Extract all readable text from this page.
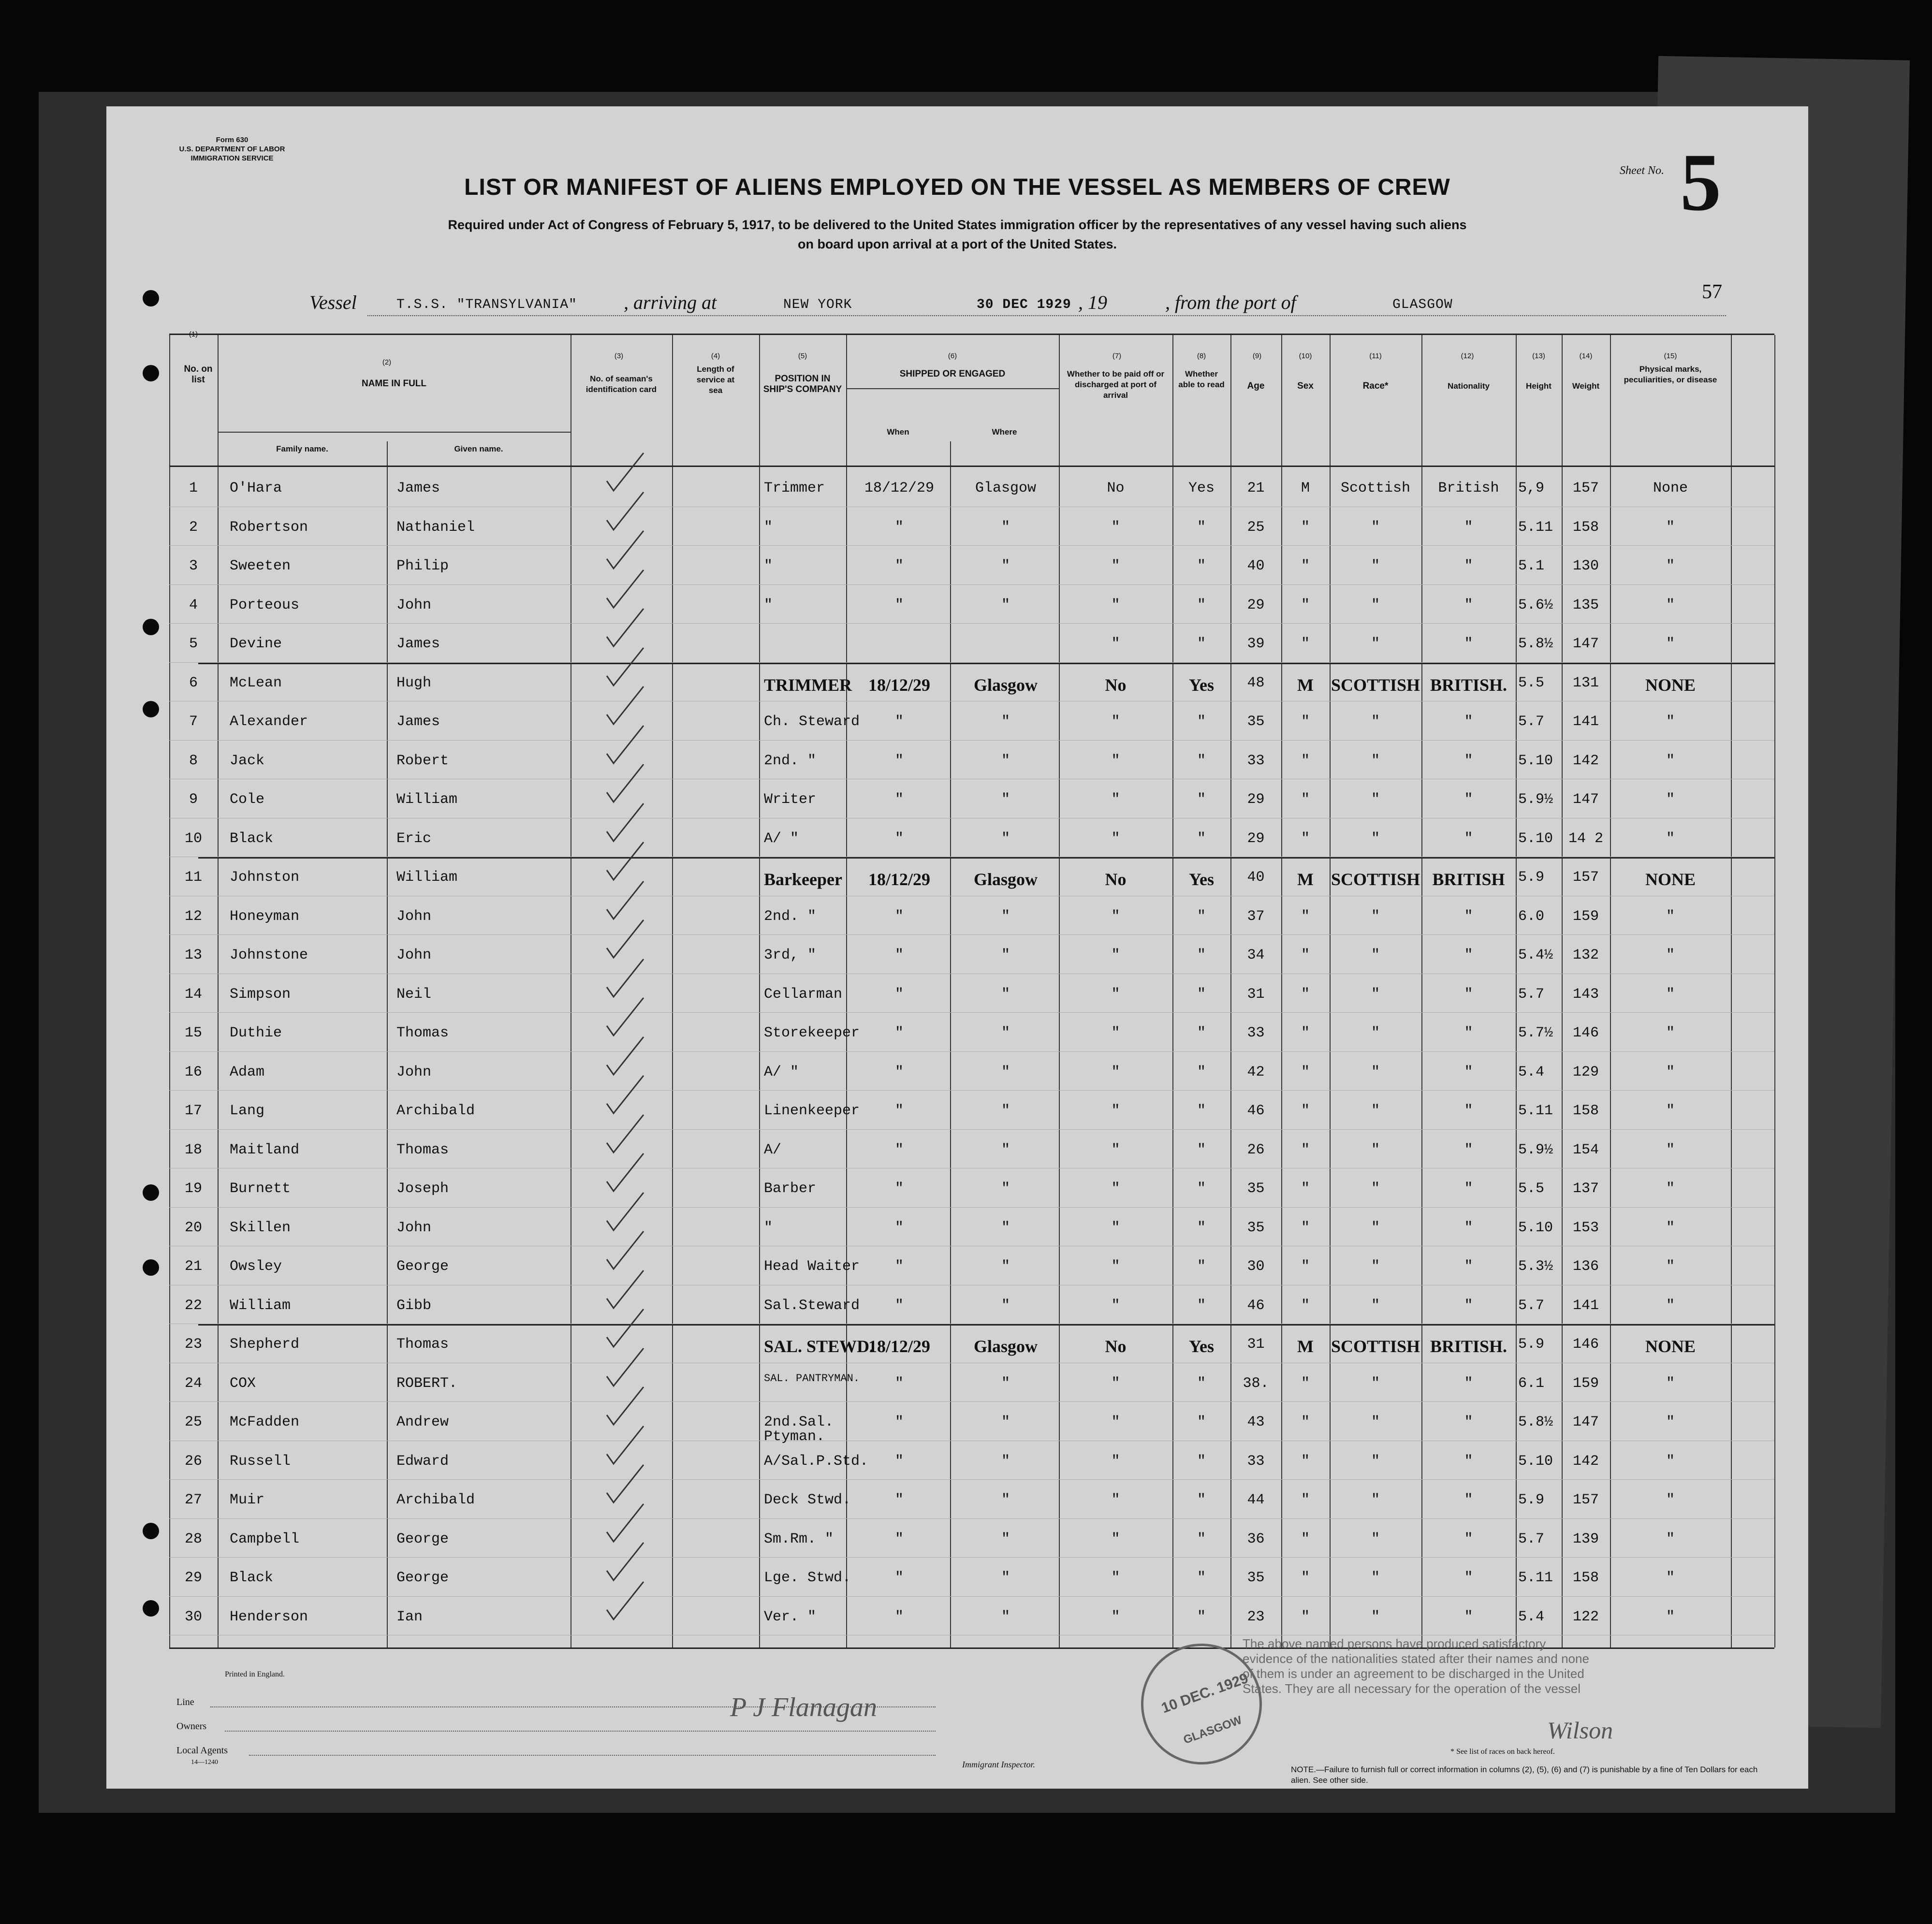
Form 630
U.S. DEPARTMENT OF LABOR
IMMIGRATION SERVICE
LIST OR MANIFEST OF ALIENS EMPLOYED ON THE VESSEL AS MEMBERS OF CREW
Required under Act of Congress of February 5, 1917, to be delivered to the United States immigration officer by the representatives of any vessel having such aliens
on board upon arrival at a port of the United States.
Sheet No. 5
57
Vessel	T.S.S. "TRANSYLVANIA" , arriving at	NEW YORK	30 DEC 1929 , 19	, from the port of	GLASGOW
(1)
(2)
(3)	(4)	(5)	(6)	(7)	(8)	(9)	(10)	(11)	(12)	(13)	(14)	(15)
No. on list	NAME IN FULL
Family name.	Given name.
No. of seaman's identification card
Length of service at sea
POSITION IN SHIP'S COMPANY
SHIPPED OR ENGAGED
When	Where
Whether to be paid off or discharged at port of arrival
Whether able to read	Age	Sex	Race*	Nationality	Height	Weight
Physical marks, peculiarities, or disease
1	O'Hara	James	Trimmer	18/12/29	Glasgow	No	Yes	21	M	Scottish	British	5,9	157	None
2	Robertson	Nathaniel	"	"	"	"	"	25	"	"	"	5.11	158	"
3	Sweeten	Philip	"	"	"	"	"	40	"	"	"	5.1	130	"
4	Porteous	John	"	"	"	"	"	29	"	"	"	5.6½	135	"
5	Devine	James	"	"	39	"	"	"	5.8½	147	"
6	McLean	Hugh	TRIMMER 18/12/29	Glasgow	No	Yes	48	M SCOTTISH BRITISH. 5.5	131	NONE
7	Alexander	James	Ch. Steward	"	"	"	"	35	"	"	"	5.7	141	"
8	Jack	Robert	2nd. "	"	"	"	"	33	"	"	"	5.10	142	"
9	Cole	William	Writer	"	"	"	"	29	"	"	"	5.9½	147	"
10	Black	Eric	A/ "	"	"	"	"	29	"	"	"	5.10 14 2	"
11	Johnston	William	Barkeeper	18/12/29	Glasgow	No	Yes	40	M SCOTTISH BRITISH 5.9	157	NONE
12	Honeyman	John	2nd. "	"	"	"	"	37	"	"	"	6.0	159	"
13	Johnstone	John	3rd, "	"	"	"	"	34	"	"	"	5.4½	132	"
14	Simpson	Neil	Cellarman	"	"	"	"	31	"	"	"	5.7	143	"
15	Duthie	Thomas	Storekeeper	"	"	"	"	33	"	"	"	5.7½	146	"
16	Adam	John	A/ "	"	"	"	"	42	"	"	"	5.4	129	"
17	Lang	Archibald	Linenkeeper	"	"	"	"	46	"	"	"	5.11	158	"
18	Maitland	Thomas	A/	"	"	"	"	26	"	"	"	5.9½	154	"
19	Burnett	Joseph	Barber	"	"	"	"	35	"	"	"	5.5	137	"
20	Skillen	John	"	"	"	"	"	35	"	"	"	5.10	153	"
21	Owsley	George	Head Waiter	"	"	"	"	30	"	"	"	5.3½	136	"
22	William	Gibb	Sal.Steward	"	"	"	"	46	"	"	"	5.7	141	"
23	Shepherd	Thomas	SAL. STEWD.
18/12/29	Glasgow	No	Yes	31	M SCOTTISH BRITISH. 5.9	146	NONE
24	COX	ROBERT.	SAL. PANTRYMAN.	"	"	"	"	38.	"	"	"	6.1	159	"
25	McFadden	Andrew	2nd.Sal.	"	"	"	"	43	"	"	"	5.8½	147	"
26	Russell	Edward	A/Sal.P.Std.	"	"	"	"	33	"	"	"	5.10	142	"
27	Muir	Archibald	Deck Stwd.	"	"	"	"	44	"	"	"	5.9	157	"
28	Campbell	George	Sm.Rm. "	"	"	"	"	36	"	"	"	5.7	139	"
29	Black	George	Lge. Stwd.	"	"	"	"	35	"	"	"	5.11	158	"
30	Henderson	Ian	Ver. "	"	"	"	"	23	"	"	"	5.4	122	"
Ptyman.
Printed in England.
Line
Owners
Local Agents
14—1240
P J Flanagan
Immigrant Inspector.
10 DEC. 1929
GLASGOW
The above named persons have produced satisfactory evidence of the nationalities stated after their names and none of them is under an agreement to be discharged in the United States. They are all necessary for the operation of the vessel
Wilson
* See list of races on back hereof.
NOTE.—Failure to furnish full or correct information in columns (2), (5), (6) and (7) is punishable by a fine of Ten Dollars for each alien. See other side.
